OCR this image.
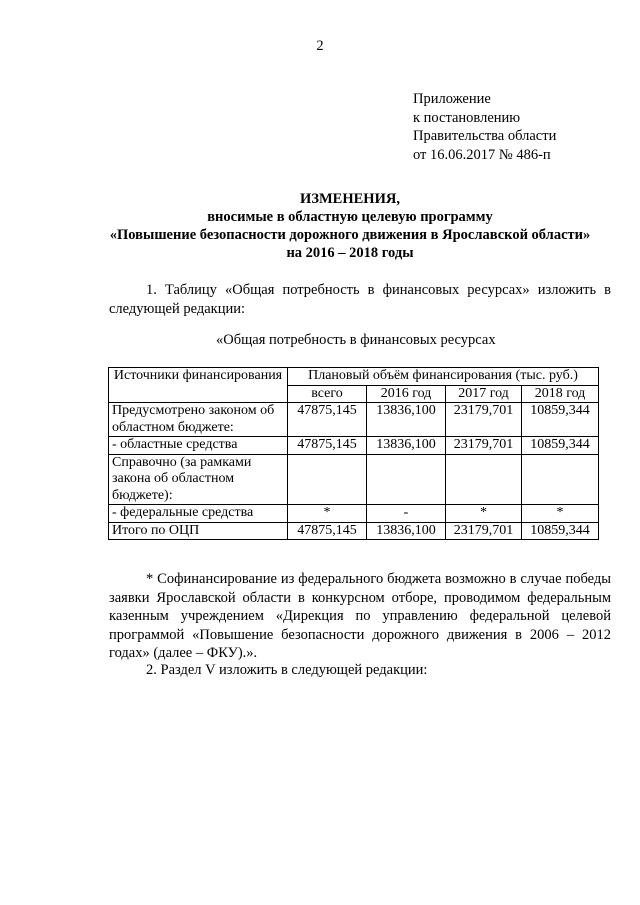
2
Приложение
к постановлению
Правительства области
от 16.06.2017 № 486-п
ИЗМЕНЕНИЯ,
вносимые в областную целевую программу
«Повышение безопасности дорожного движения в Ярославской области»
на 2016 – 2018 годы
1. Таблицу «Общая потребность в финансовых ресурсах» изложить в следующей редакции:
«Общая потребность в финансовых ресурсах
Источники финансирования	Плановый объём финансирования (тыс. руб.)			
	всего	2016 год	2017 год	2018 год
Предусмотрено законом об областном бюджете:	47875,145	13836,100	23179,701	10859,344
- областные средства	47875,145	13836,100	23179,701	10859,344
Справочно (за рамками закона об областном бюджете):				
- федеральные средства	*	-	*	*
Итого по ОЦП	47875,145	13836,100	23179,701	10859,344
* Софинансирование из федерального бюджета возможно в случае победы заявки Ярославской области в конкурсном отборе, проводимом федеральным казенным учреждением «Дирекция по управлению федеральной целевой программой «Повышение безопасности дорожного движения в 2006 – 2012 годах» (далее – ФКУ).».
2. Раздел V изложить в следующей редакции:
